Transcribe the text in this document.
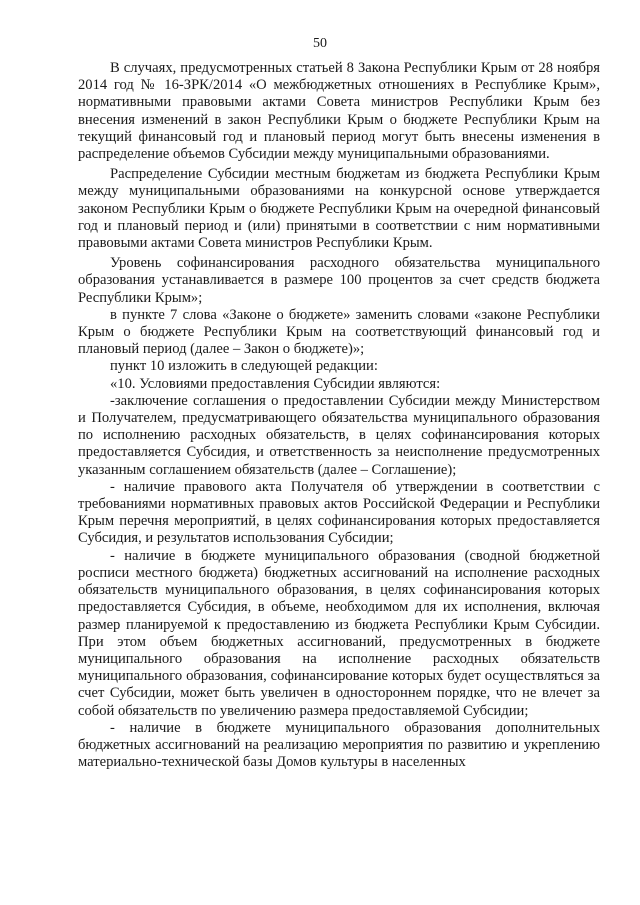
50

В случаях, предусмотренных статьей 8 Закона Республики Крым от 28 ноября 2014 год № 16-ЗРК/2014 «О межбюджетных отношениях в Республике Крым», нормативными правовыми актами Совета министров Республики Крым без внесения изменений в закон Республики Крым о бюджете Республики Крым на текущий финансовый год и плановый период могут быть внесены изменения в распределение объемов Субсидии между муниципальными образованиями.

Распределение Субсидии местным бюджетам из бюджета Республики Крым между муниципальными образованиями на конкурсной основе утверждается законом Республики Крым о бюджете Республики Крым на очередной финансовый год и плановый период и (или) принятыми в соответствии с ним нормативными правовыми актами Совета министров Республики Крым.

Уровень софинансирования расходного обязательства муниципального образования устанавливается в размере 100 процентов за счет средств бюджета Республики Крым»;

в пункте 7 слова «Законе о бюджете» заменить словами «законе Республики Крым о бюджете Республики Крым на соответствующий финансовый год и плановый период (далее – Закон о бюджете)»;

пункт 10 изложить в следующей редакции:

«10. Условиями предоставления Субсидии являются:

-заключение соглашения о предоставлении Субсидии между Министерством и Получателем, предусматривающего обязательства муниципального образования по исполнению расходных обязательств, в целях софинансирования которых предоставляется Субсидия, и ответственность за неисполнение предусмотренных указанным соглашением обязательств (далее – Соглашение);

- наличие правового акта Получателя об утверждении в соответствии с требованиями нормативных правовых актов Российской Федерации и Республики Крым перечня мероприятий, в целях софинансирования которых предоставляется Субсидия, и результатов использования Субсидии;

- наличие в бюджете муниципального образования (сводной бюджетной росписи местного бюджета) бюджетных ассигнований на исполнение расходных обязательств муниципального образования, в целях софинансирования которых предоставляется Субсидия, в объеме, необходимом для их исполнения, включая размер планируемой к предоставлению из бюджета Республики Крым Субсидии. При этом объем бюджетных ассигнований, предусмотренных в бюджете муниципального образования на исполнение расходных обязательств муниципального образования, софинансирование которых будет осуществляться за счет Субсидии, может быть увеличен в одностороннем порядке, что не влечет за собой обязательств по увеличению размера предоставляемой Субсидии;

- наличие в бюджете муниципального образования дополнительных бюджетных ассигнований на реализацию мероприятия по развитию и укреплению материально-технической базы Домов культуры в населенных
